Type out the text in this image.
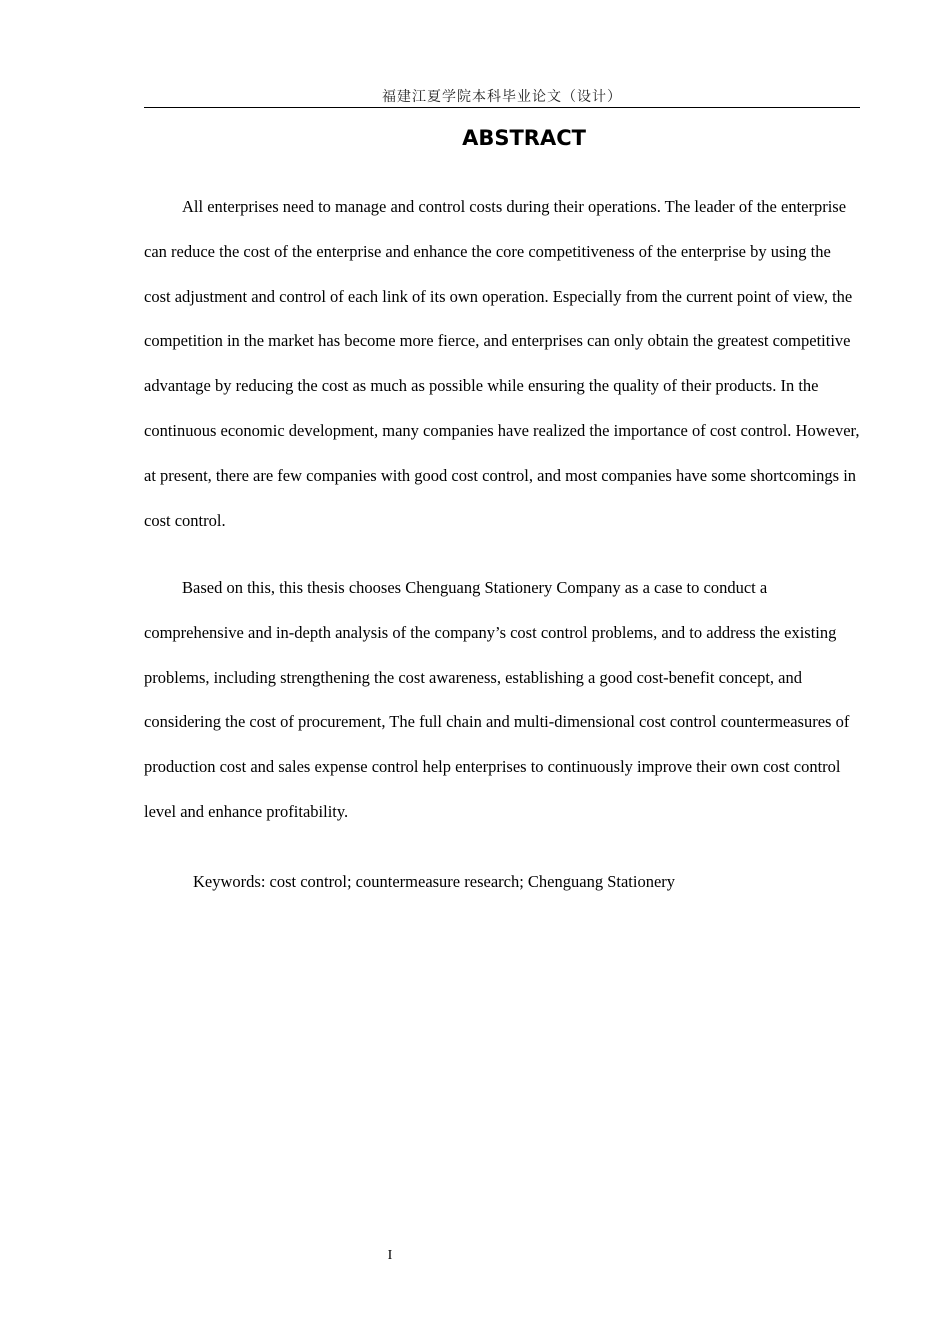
福建江夏学院本科毕业论文（设计）
ABSTRACT

All enterprises need to manage and control costs during their operations. The leader of the enterprise can reduce the cost of the enterprise and enhance the core competitiveness of the enterprise by using the cost adjustment and control of each link of its own operation. Especially from the current point of view, the competition in the market has become more fierce, and enterprises can only obtain the greatest competitive advantage by reducing the cost as much as possible while ensuring the quality of their products. In the continuous economic development, many companies have realized the importance of cost control. However, at present, there are few companies with good cost control, and most companies have some shortcomings in cost control.

Based on this, this thesis chooses Chenguang Stationery Company as a case to conduct a comprehensive and in-depth analysis of the company’s cost control problems, and to address the existing problems, including strengthening the cost awareness, establishing a good cost-benefit concept, and considering the cost of procurement, The full chain and multi-dimensional cost control countermeasures of production cost and sales expense control help enterprises to continuously improve their own cost control level and enhance profitability.

Keywords: cost control; countermeasure research; Chenguang Stationery
I
